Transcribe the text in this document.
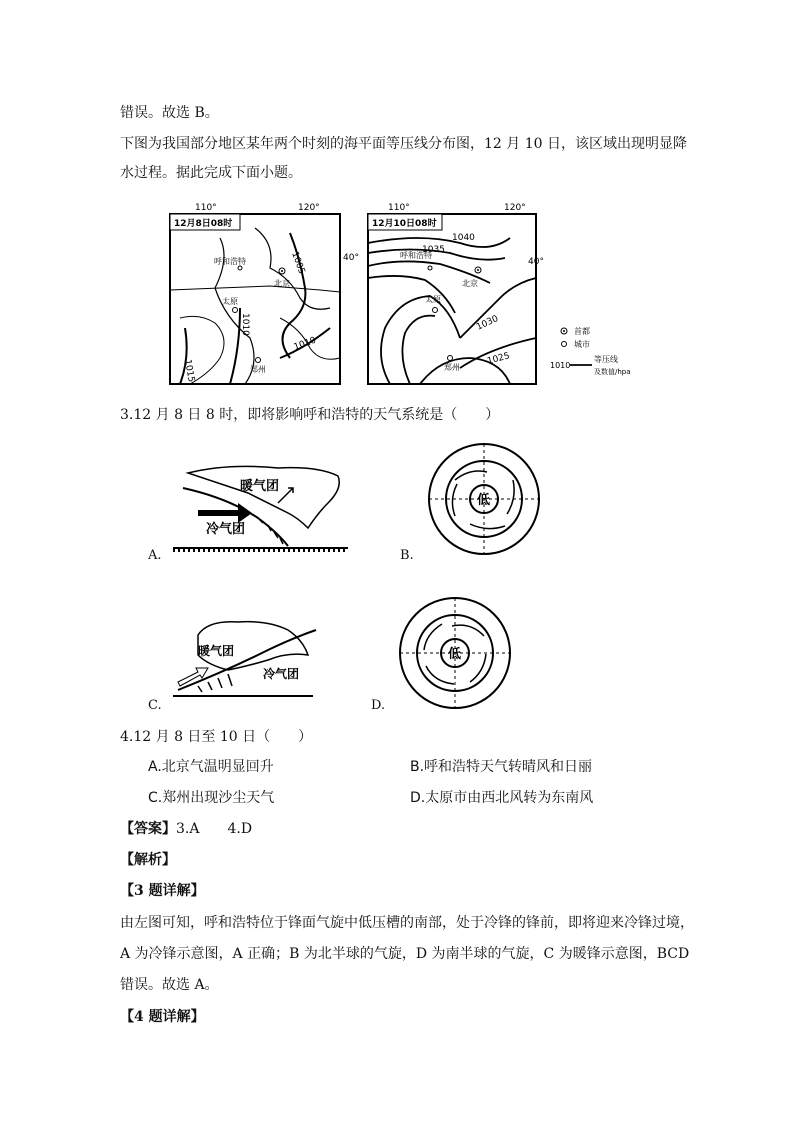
错误。故选 B。
下图为我国部分地区某年两个时刻的海平面等压线分布图，12 月 10 日，该区域出现明显降
水过程。据此完成下面小题。
110°	120°
40°
12月8日08时
1005
1010
1010
1015
呼和浩特
北京
太原
郑州
110°	120°
40°
12月10日08时
1040
1035
1030
1025
呼和浩特
北京
太原
郑州
首都
城市
1010
等压线
及数值/hpa
3.12 月 8 日 8 时，即将影响呼和浩特的天气系统是（　　）
暖气团
冷气团
A.
低
B.
暖气团
冷气团
C.
低
D.
4.12 月 8 日至 10 日（　　）
A.北京气温明显回升	B.呼和浩特天气转晴风和日丽
C.郑州出现沙尘天气	D.太原市由西北风转为东南风
【答案】3.A　　4.D
【解析】
【3 题详解】
由左图可知，呼和浩特位于锋面气旋中低压槽的南部，处于冷锋的锋前，即将迎来冷锋过境，
A 为冷锋示意图，A 正确；B 为北半球的气旋，D 为南半球的气旋，C 为暖锋示意图，BCD
错误。故选 A。
【4 题详解】
